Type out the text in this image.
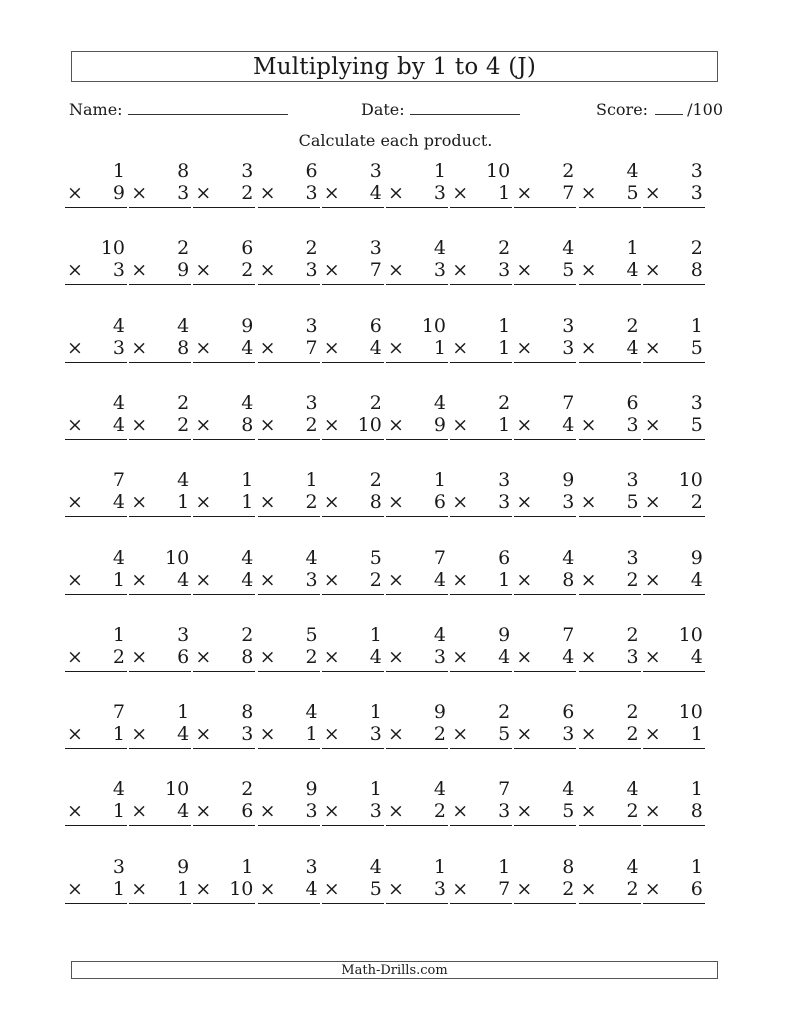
Multiplying by 1 to 4 (J)
Name:	Date:	Score: /100
Calculate each product.
1
× 9
8
× 3
3
× 2
6
× 3
3
× 4
1
× 3
10
× 1
2
× 7
4
× 5
3
× 3
10
× 3
2
× 9
6
× 2
2
× 3
3
× 7
4
× 3
2
× 3
4
× 5
1
× 4
2
× 8
4
× 3
4
× 8
9
× 4
3
× 7
6
× 4
10
× 1
1
× 1
3
× 3
2
× 4
1
× 5
4
× 4
2
× 2
4
× 8
3
× 2
2
× 10
4
× 9
2
× 1
7
× 4
6
× 3
3
× 5
7
× 4
4
× 1
1
× 1
1
× 2
2
× 8
1
× 6
3
× 3
9
× 3
3
× 5
10
× 2
4
× 1
10
× 4
4
× 4
4
× 3
5
× 2
7
× 4
6
× 1
4
× 8
3
× 2
9
× 4
1
× 2
3
× 6
2
× 8
5
× 2
1
× 4
4
× 3
9
× 4
7
× 4
2
× 3
10
× 4
7
× 1
1
× 4
8
× 3
4
× 1
1
× 3
9
× 2
2
× 5
6
× 3
2
× 2
10
× 1
4
× 1
10
× 4
2
× 6
9
× 3
1
× 3
4
× 2
7
× 3
4
× 5
4
× 2
1
× 8
3
× 1
9
× 1
1
× 10
3
× 4
4
× 5
1
× 3
1
× 7
8
× 2
4
× 2
1
× 6
Math-Drills.com
